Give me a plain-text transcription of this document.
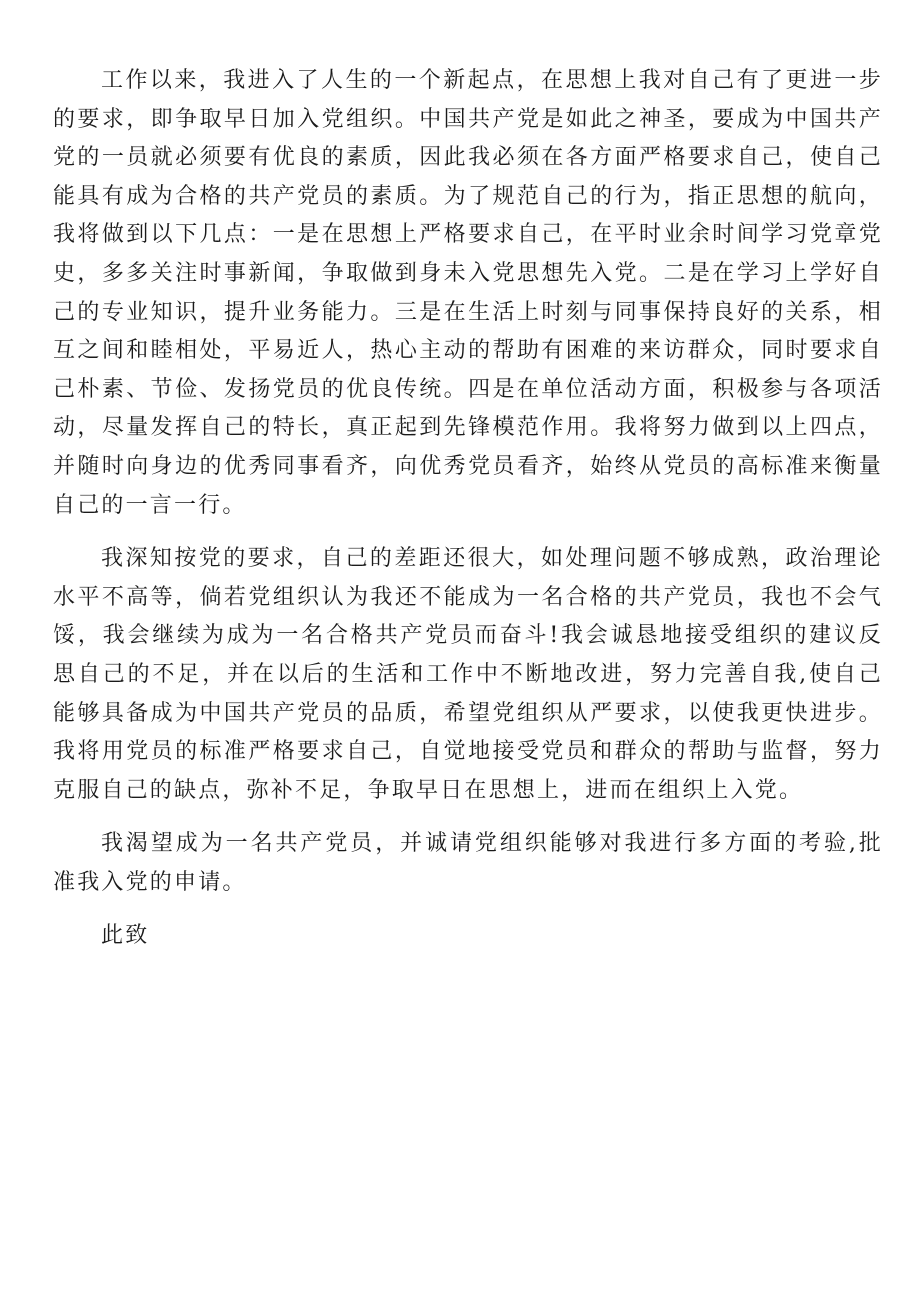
工作以来，我进入了人生的一个新起点，在思想上我对自己有了更进一步的要求，即争取早日加入党组织。中国共产党是如此之神圣，要成为中国共产党的一员就必须要有优良的素质，因此我必须在各方面严格要求自己，使自己能具有成为合格的共产党员的素质。为了规范自己的行为，指正思想的航向，我将做到以下几点：一是在思想上严格要求自己，在平时业余时间学习党章党史，多多关注时事新闻，争取做到身未入党思想先入党。二是在学习上学好自己的专业知识，提升业务能力。三是在生活上时刻与同事保持良好的关系，相互之间和睦相处，平易近人，热心主动的帮助有困难的来访群众，同时要求自己朴素、节俭、发扬党员的优良传统。四是在单位活动方面，积极参与各项活动，尽量发挥自己的特长，真正起到先锋模范作用。我将努力做到以上四点，并随时向身边的优秀同事看齐，向优秀党员看齐，始终从党员的高标准来衡量自己的一言一行。

我深知按党的要求，自己的差距还很大，如处理问题不够成熟，政治理论水平不高等，倘若党组织认为我还不能成为一名合格的共产党员，我也不会气馁，我会继续为成为一名合格共产党员而奋斗!我会诚恳地接受组织的建议反思自己的不足，并在以后的生活和工作中不断地改进，努力完善自我,使自己能够具备成为中国共产党员的品质，希望党组织从严要求，以使我更快进步。我将用党员的标准严格要求自己，自觉地接受党员和群众的帮助与监督，努力克服自己的缺点，弥补不足，争取早日在思想上，进而在组织上入党。

我渴望成为一名共产党员，并诚请党组织能够对我进行多方面的考验,批准我入党的申请。

此致
